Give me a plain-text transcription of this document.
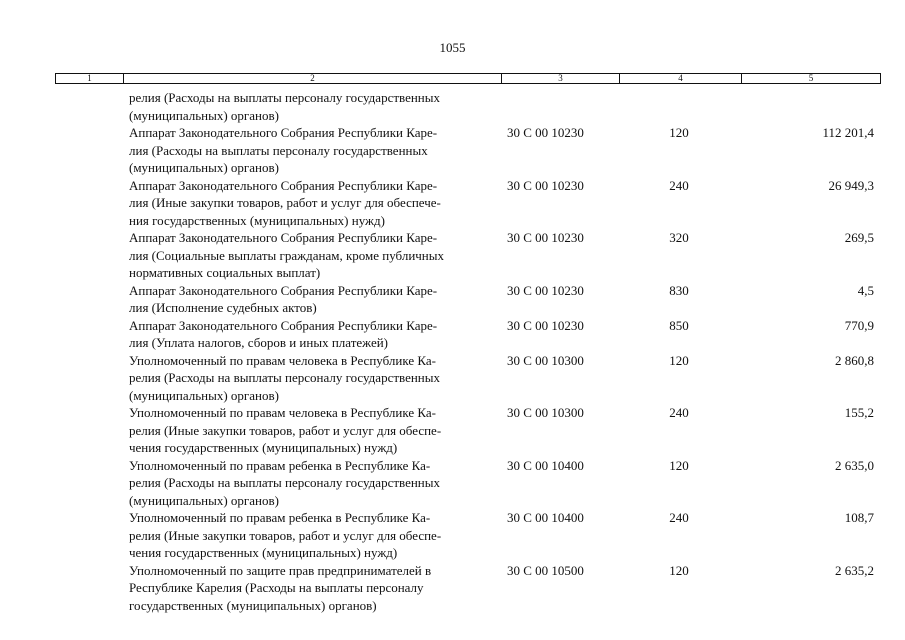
1055
1	2	3	4	5
релия (Расходы на выплаты персоналу государственных
(муниципальных) органов)
Аппарат Законодательного Собрания Республики Каре-
лия (Расходы на выплаты персоналу государственных
(муниципальных) органов)
30 С 00 10230	120	112 201,4
Аппарат Законодательного Собрания Республики Каре-
лия (Иные закупки товаров, работ и услуг для обеспече-
ния государственных (муниципальных) нужд)
30 С 00 10230	240	26 949,3
Аппарат Законодательного Собрания Республики Каре-
лия (Социальные выплаты гражданам, кроме публичных
нормативных социальных выплат)
30 С 00 10230	320	269,5
Аппарат Законодательного Собрания Республики Каре-
лия (Исполнение судебных актов)
30 С 00 10230	830	4,5
Аппарат Законодательного Собрания Республики Каре-
лия (Уплата налогов, сборов и иных платежей)
30 С 00 10230	850	770,9
Уполномоченный по правам человека в Республике Ка-
релия (Расходы на выплаты персоналу государственных
(муниципальных) органов)
30 С 00 10300	120	2 860,8
Уполномоченный по правам человека в Республике Ка-
релия (Иные закупки товаров, работ и услуг для обеспе-
чения государственных (муниципальных) нужд)
30 С 00 10300	240	155,2
Уполномоченный по правам ребенка в Республике Ка-
релия (Расходы на выплаты персоналу государственных
(муниципальных) органов)
30 С 00 10400	120	2 635,0
Уполномоченный по правам ребенка в Республике Ка-
релия (Иные закупки товаров, работ и услуг для обеспе-
чения государственных (муниципальных) нужд)
30 С 00 10400	240	108,7
Уполномоченный по защите прав предпринимателей в
Республике Карелия (Расходы на выплаты персоналу
государственных (муниципальных) органов)
30 С 00 10500	120	2 635,2
